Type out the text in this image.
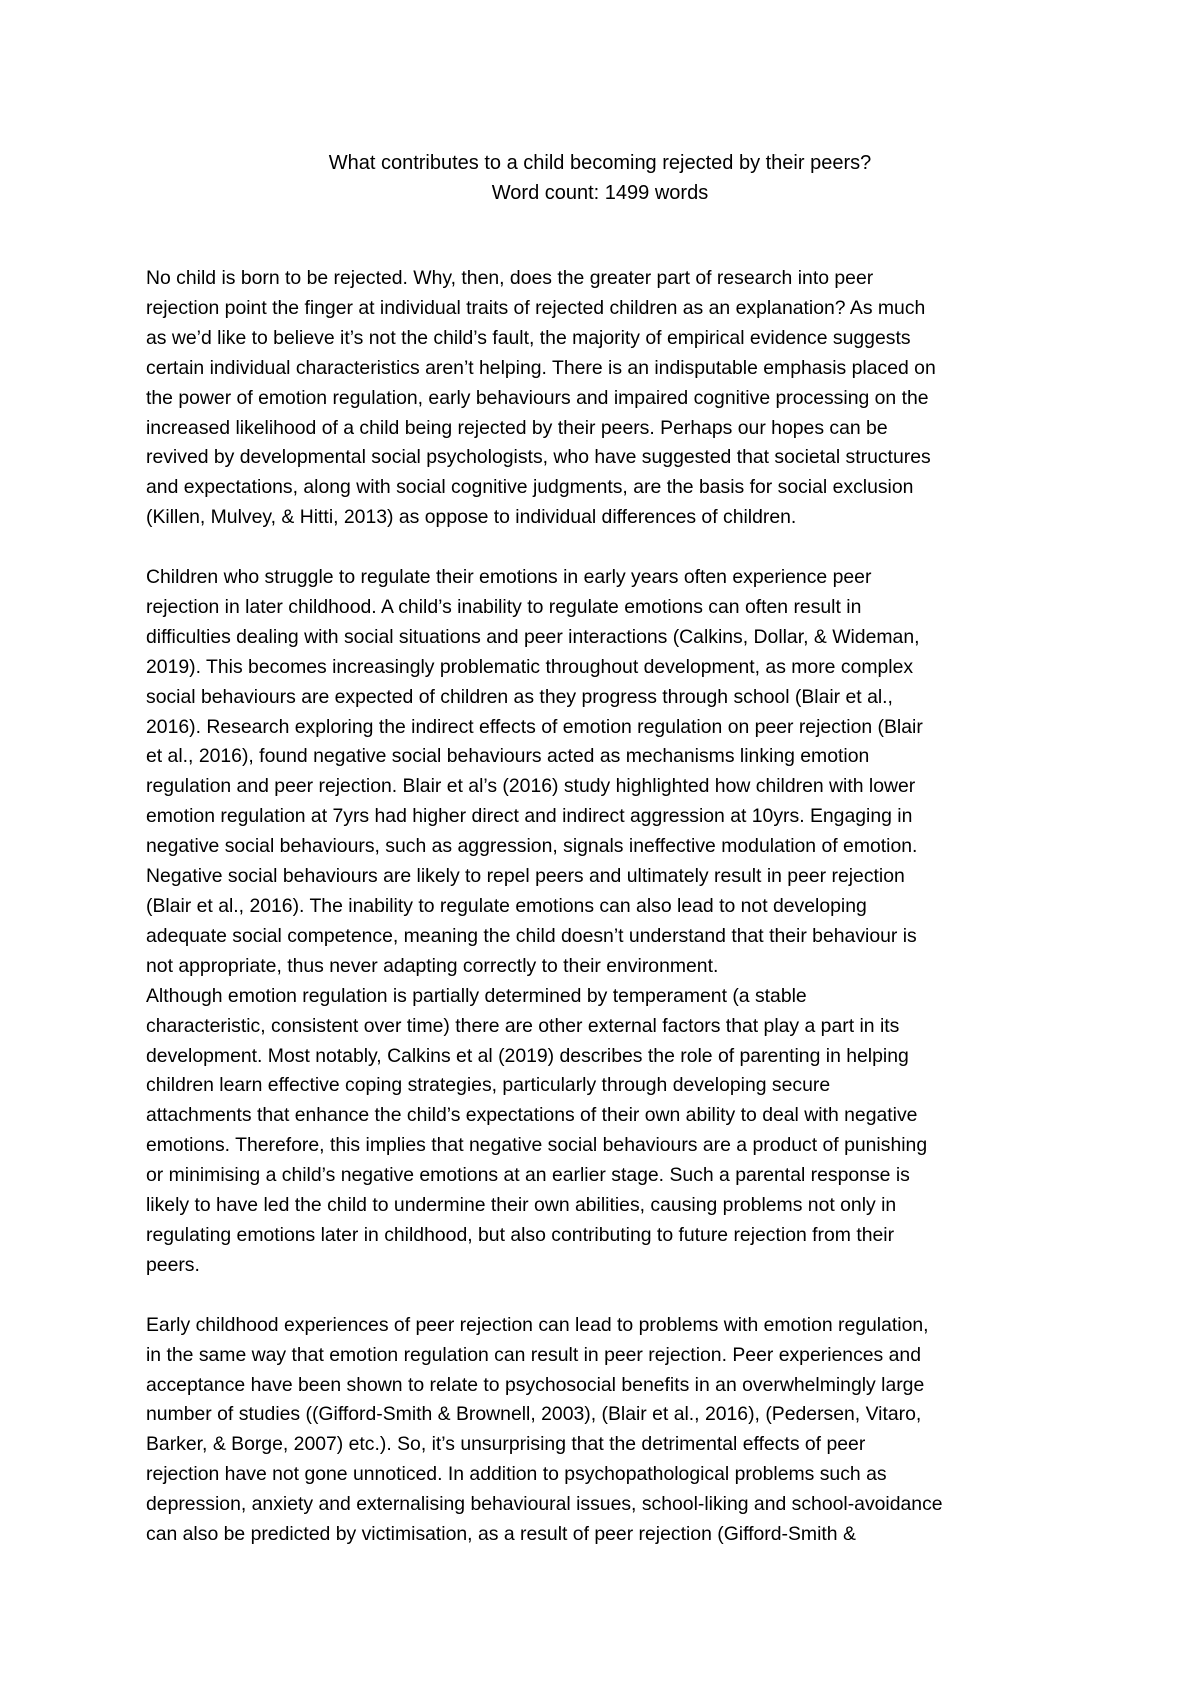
What contributes to a child becoming rejected by their peers?
Word count: 1499 words
No child is born to be rejected. Why, then, does the greater part of research into peer
rejection point the finger at individual traits of rejected children as an explanation? As much
as we’d like to believe it’s not the child’s fault, the majority of empirical evidence suggests
certain individual characteristics aren’t helping. There is an indisputable emphasis placed on
the power of emotion regulation, early behaviours and impaired cognitive processing on the
increased likelihood of a child being rejected by their peers. Perhaps our hopes can be
revived by developmental social psychologists, who have suggested that societal structures
and expectations, along with social cognitive judgments, are the basis for social exclusion
(Killen, Mulvey, & Hitti, 2013) as oppose to individual differences of children.
Children who struggle to regulate their emotions in early years often experience peer
rejection in later childhood. A child’s inability to regulate emotions can often result in
difficulties dealing with social situations and peer interactions (Calkins, Dollar, & Wideman,
2019). This becomes increasingly problematic throughout development, as more complex
social behaviours are expected of children as they progress through school (Blair et al.,
2016). Research exploring the indirect effects of emotion regulation on peer rejection (Blair
et al., 2016), found negative social behaviours acted as mechanisms linking emotion
regulation and peer rejection. Blair et al’s (2016) study highlighted how children with lower
emotion regulation at 7yrs had higher direct and indirect aggression at 10yrs. Engaging in
negative social behaviours, such as aggression, signals ineffective modulation of emotion.
Negative social behaviours are likely to repel peers and ultimately result in peer rejection
(Blair et al., 2016). The inability to regulate emotions can also lead to not developing
adequate social competence, meaning the child doesn’t understand that their behaviour is
not appropriate, thus never adapting correctly to their environment.
Although emotion regulation is partially determined by temperament (a stable
characteristic, consistent over time) there are other external factors that play a part in its
development. Most notably, Calkins et al (2019) describes the role of parenting in helping
children learn effective coping strategies, particularly through developing secure
attachments that enhance the child’s expectations of their own ability to deal with negative
emotions. Therefore, this implies that negative social behaviours are a product of punishing
or minimising a child’s negative emotions at an earlier stage. Such a parental response is
likely to have led the child to undermine their own abilities, causing problems not only in
regulating emotions later in childhood, but also contributing to future rejection from their
peers.
Early childhood experiences of peer rejection can lead to problems with emotion regulation,
in the same way that emotion regulation can result in peer rejection. Peer experiences and
acceptance have been shown to relate to psychosocial benefits in an overwhelmingly large
number of studies ((Gifford-Smith & Brownell, 2003), (Blair et al., 2016), (Pedersen, Vitaro,
Barker, & Borge, 2007) etc.). So, it’s unsurprising that the detrimental effects of peer
rejection have not gone unnoticed. In addition to psychopathological problems such as
depression, anxiety and externalising behavioural issues, school-liking and school-avoidance
can also be predicted by victimisation, as a result of peer rejection (Gifford-Smith &
